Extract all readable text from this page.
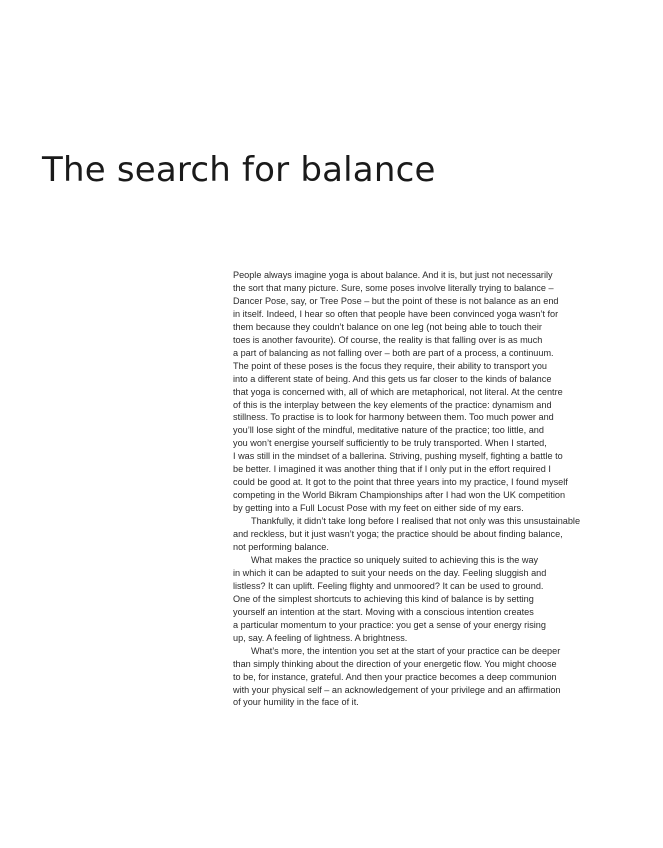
The search for balance
People always imagine yoga is about balance. And it is, but just not necessarily
the sort that many picture. Sure, some poses involve literally trying to balance –
Dancer Pose, say, or Tree Pose – but the point of these is not balance as an end
in itself. Indeed, I hear so often that people have been convinced yoga wasn’t for
them because they couldn’t balance on one leg (not being able to touch their
toes is another favourite). Of course, the reality is that falling over is as much
a part of balancing as not falling over – both are part of a process, a continuum.
The point of these poses is the focus they require, their ability to transport you
into a different state of being. And this gets us far closer to the kinds of balance
that yoga is concerned with, all of which are metaphorical, not literal. At the centre
of this is the interplay between the key elements of the practice: dynamism and
stillness. To practise is to look for harmony between them. Too much power and
you’ll lose sight of the mindful, meditative nature of the practice; too little, and
you won’t energise yourself sufficiently to be truly transported. When I started,
I was still in the mindset of a ballerina. Striving, pushing myself, fighting a battle to
be better. I imagined it was another thing that if I only put in the effort required I
could be good at. It got to the point that three years into my practice, I found myself
competing in the World Bikram Championships after I had won the UK competition
by getting into a Full Locust Pose with my feet on either side of my ears.
Thankfully, it didn’t take long before I realised that not only was this unsustainable
and reckless, but it just wasn’t yoga; the practice should be about finding balance,
not performing balance.
What makes the practice so uniquely suited to achieving this is the way
in which it can be adapted to suit your needs on the day. Feeling sluggish and
listless? It can uplift. Feeling flighty and unmoored? It can be used to ground.
One of the simplest shortcuts to achieving this kind of balance is by setting
yourself an intention at the start. Moving with a conscious intention creates
a particular momentum to your practice: you get a sense of your energy rising
up, say. A feeling of lightness. A brightness.
What’s more, the intention you set at the start of your practice can be deeper
than simply thinking about the direction of your energetic flow. You might choose
to be, for instance, grateful. And then your practice becomes a deep communion
with your physical self – an acknowledgement of your privilege and an affirmation
of your humility in the face of it.
